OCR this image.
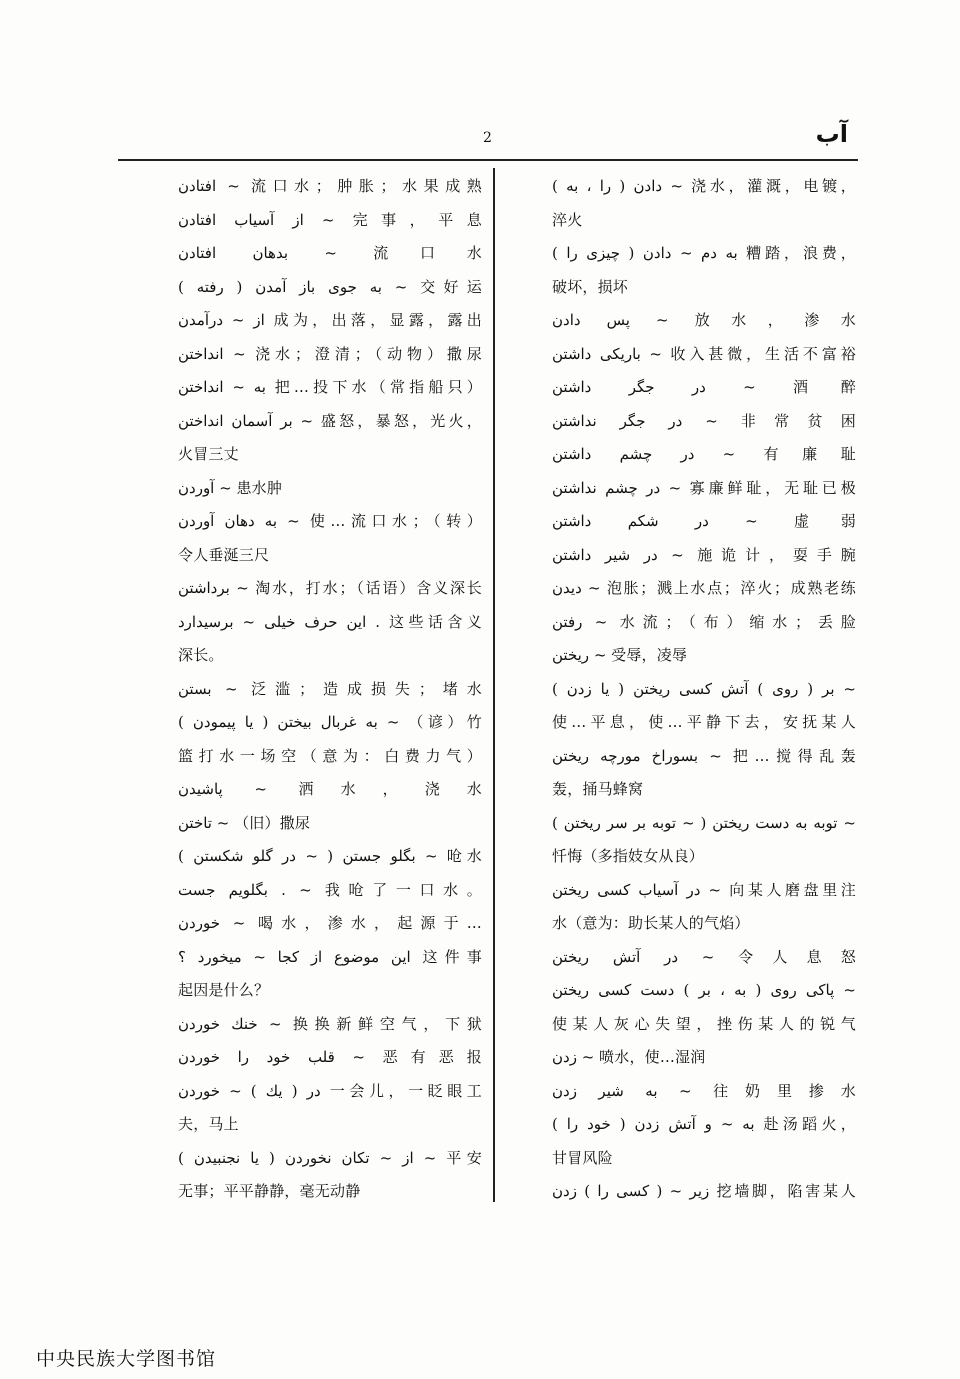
آب
2
افتادن ~ 流口水；肿胀；水果成熟
از آسیاب افتادن ~ 完事，平息
بدهان افتادن ~ 流口水
( رفته ) به جوی باز آمدن ~ 交好运
از ~ درآمدن 成为，出落，显露，露出
انداختن ~ 浇水；澄清；（动物）撒尿
به ~ انداختن 把…投下水（常指船只）
بر آسمان انداختن ~ 盛怒，暴怒，光火，
火冒三丈
آوردن ~ 患水肿
به دهان آوردن ~ 使…流口水；（转）
令人垂涎三尺
برداشتن ~ 淘水，打水；（话语）含义深长
این حرف خیلی ~ برسیدارد . 这些话含义
深长。
بستن ~ 泛滥；造成损失；堵水
به غربال بیختن ( یا پیمودن ) ~ （谚）竹
篮打水一场空（意为：白费力气）
پاشیدن ~ 洒水，浇水
تاختن ~ （旧）撒尿
بگلو جستن ( ~ در گلو شکستن ) ~ 呛水
بگلویم جست . ~ 我呛了一口水。
خوردن ~ 喝水，渗水，起源于…
این موضوع از کجا ~ میخورد ؟ 这件事
起因是什么？
خنك خوردن ~ 换换新鲜空气，下狱
قلب خود را خوردن ~ 恶有恶报
در ( یك ) ~ خوردن 一会儿，一眨眼工
夫，马上
از ~ تکان نخوردن ( یا نجنبیدن ) ~ 平安
无事；平平静静，毫无动静
دادن ( را ، به ) ~ 浇水，灌溉，电镀，
淬火
به دم ~ دادن ( چیزی را ) 糟踏，浪费，
破坏，损坏
پس دادن ~ 放水，渗水
باریکی داشتن ~ 收入甚微，生活不富裕
در جگر داشتن ~ 酒醉
در جگر نداشتن ~ 非常贫困
در چشم داشتن ~ 有廉耻
در چشم نداشتن ~ 寡廉鲜耻，无耻已极
در شکم داشتن ~ 虚弱
در شیر داشتن ~ 施诡计，耍手腕
دیدن ~ 泡胀；溅上水点；淬火；成熟老练
رفتن ~ 水流；（布）缩水；丢脸
ریختن ~ 受辱，凌辱
بر ( روی ) آتش کسی ریختن ( یا زدن ) ~
使…平息，使…平静下去，安抚某人
بسوراخ مورچه ریختن ~ 把…搅得乱轰
轰，捅马蜂窝
توبه به دست ریختن ( ~ توبه بر سر ریختن ) ~
忏悔（多指妓女从良）
در آسیاب کسی ریختن ~ 向某人磨盘里注
水（意为：助长某人的气焰）
در آتش ریختن ~ 令人息怒
پاکی روی ( به ، بر ) دست کسی ریختن ~
使某人灰心失望，挫伤某人的锐气
زدن ~ 喷水，使…湿润
به شیر زدن ~ 往奶里掺水
( خود را ) به ~ و آتش زدن 赴汤蹈火，
甘冒风险
زیر ~ ( کسی را ) زدن 挖墙脚，陷害某人
中央民族大学图书馆
